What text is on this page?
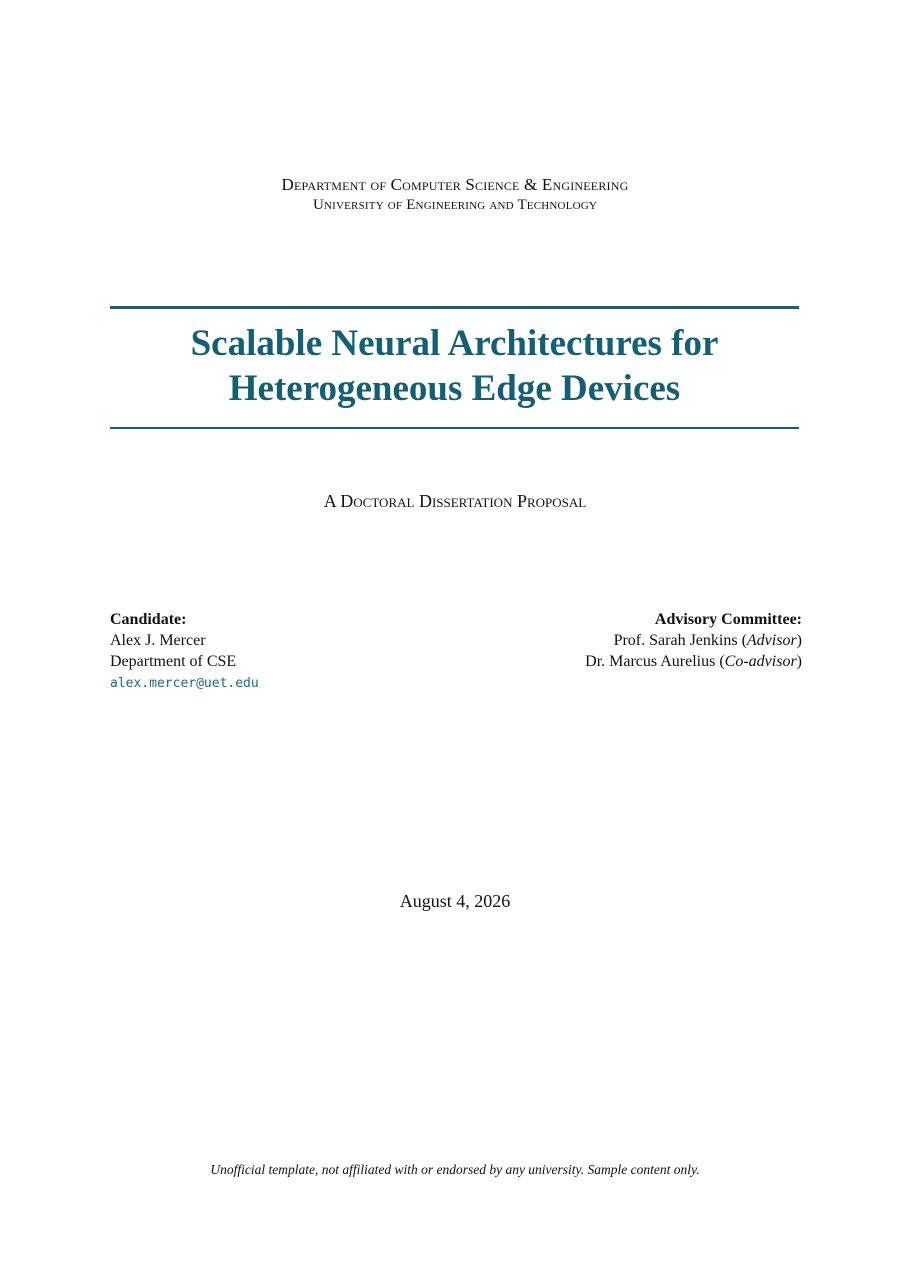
Department of Computer Science & Engineering
University of Engineering and Technology
Scalable Neural Architectures for
Heterogeneous Edge Devices
A Doctoral Dissertation Proposal
Candidate:
Alex J. Mercer
Department of CSE
alex.mercer@uet.edu
Advisory Committee:
Prof. Sarah Jenkins (Advisor)
Dr. Marcus Aurelius (Co-advisor)
August 4, 2026
Unofficial template, not affiliated with or endorsed by any university. Sample content only.
